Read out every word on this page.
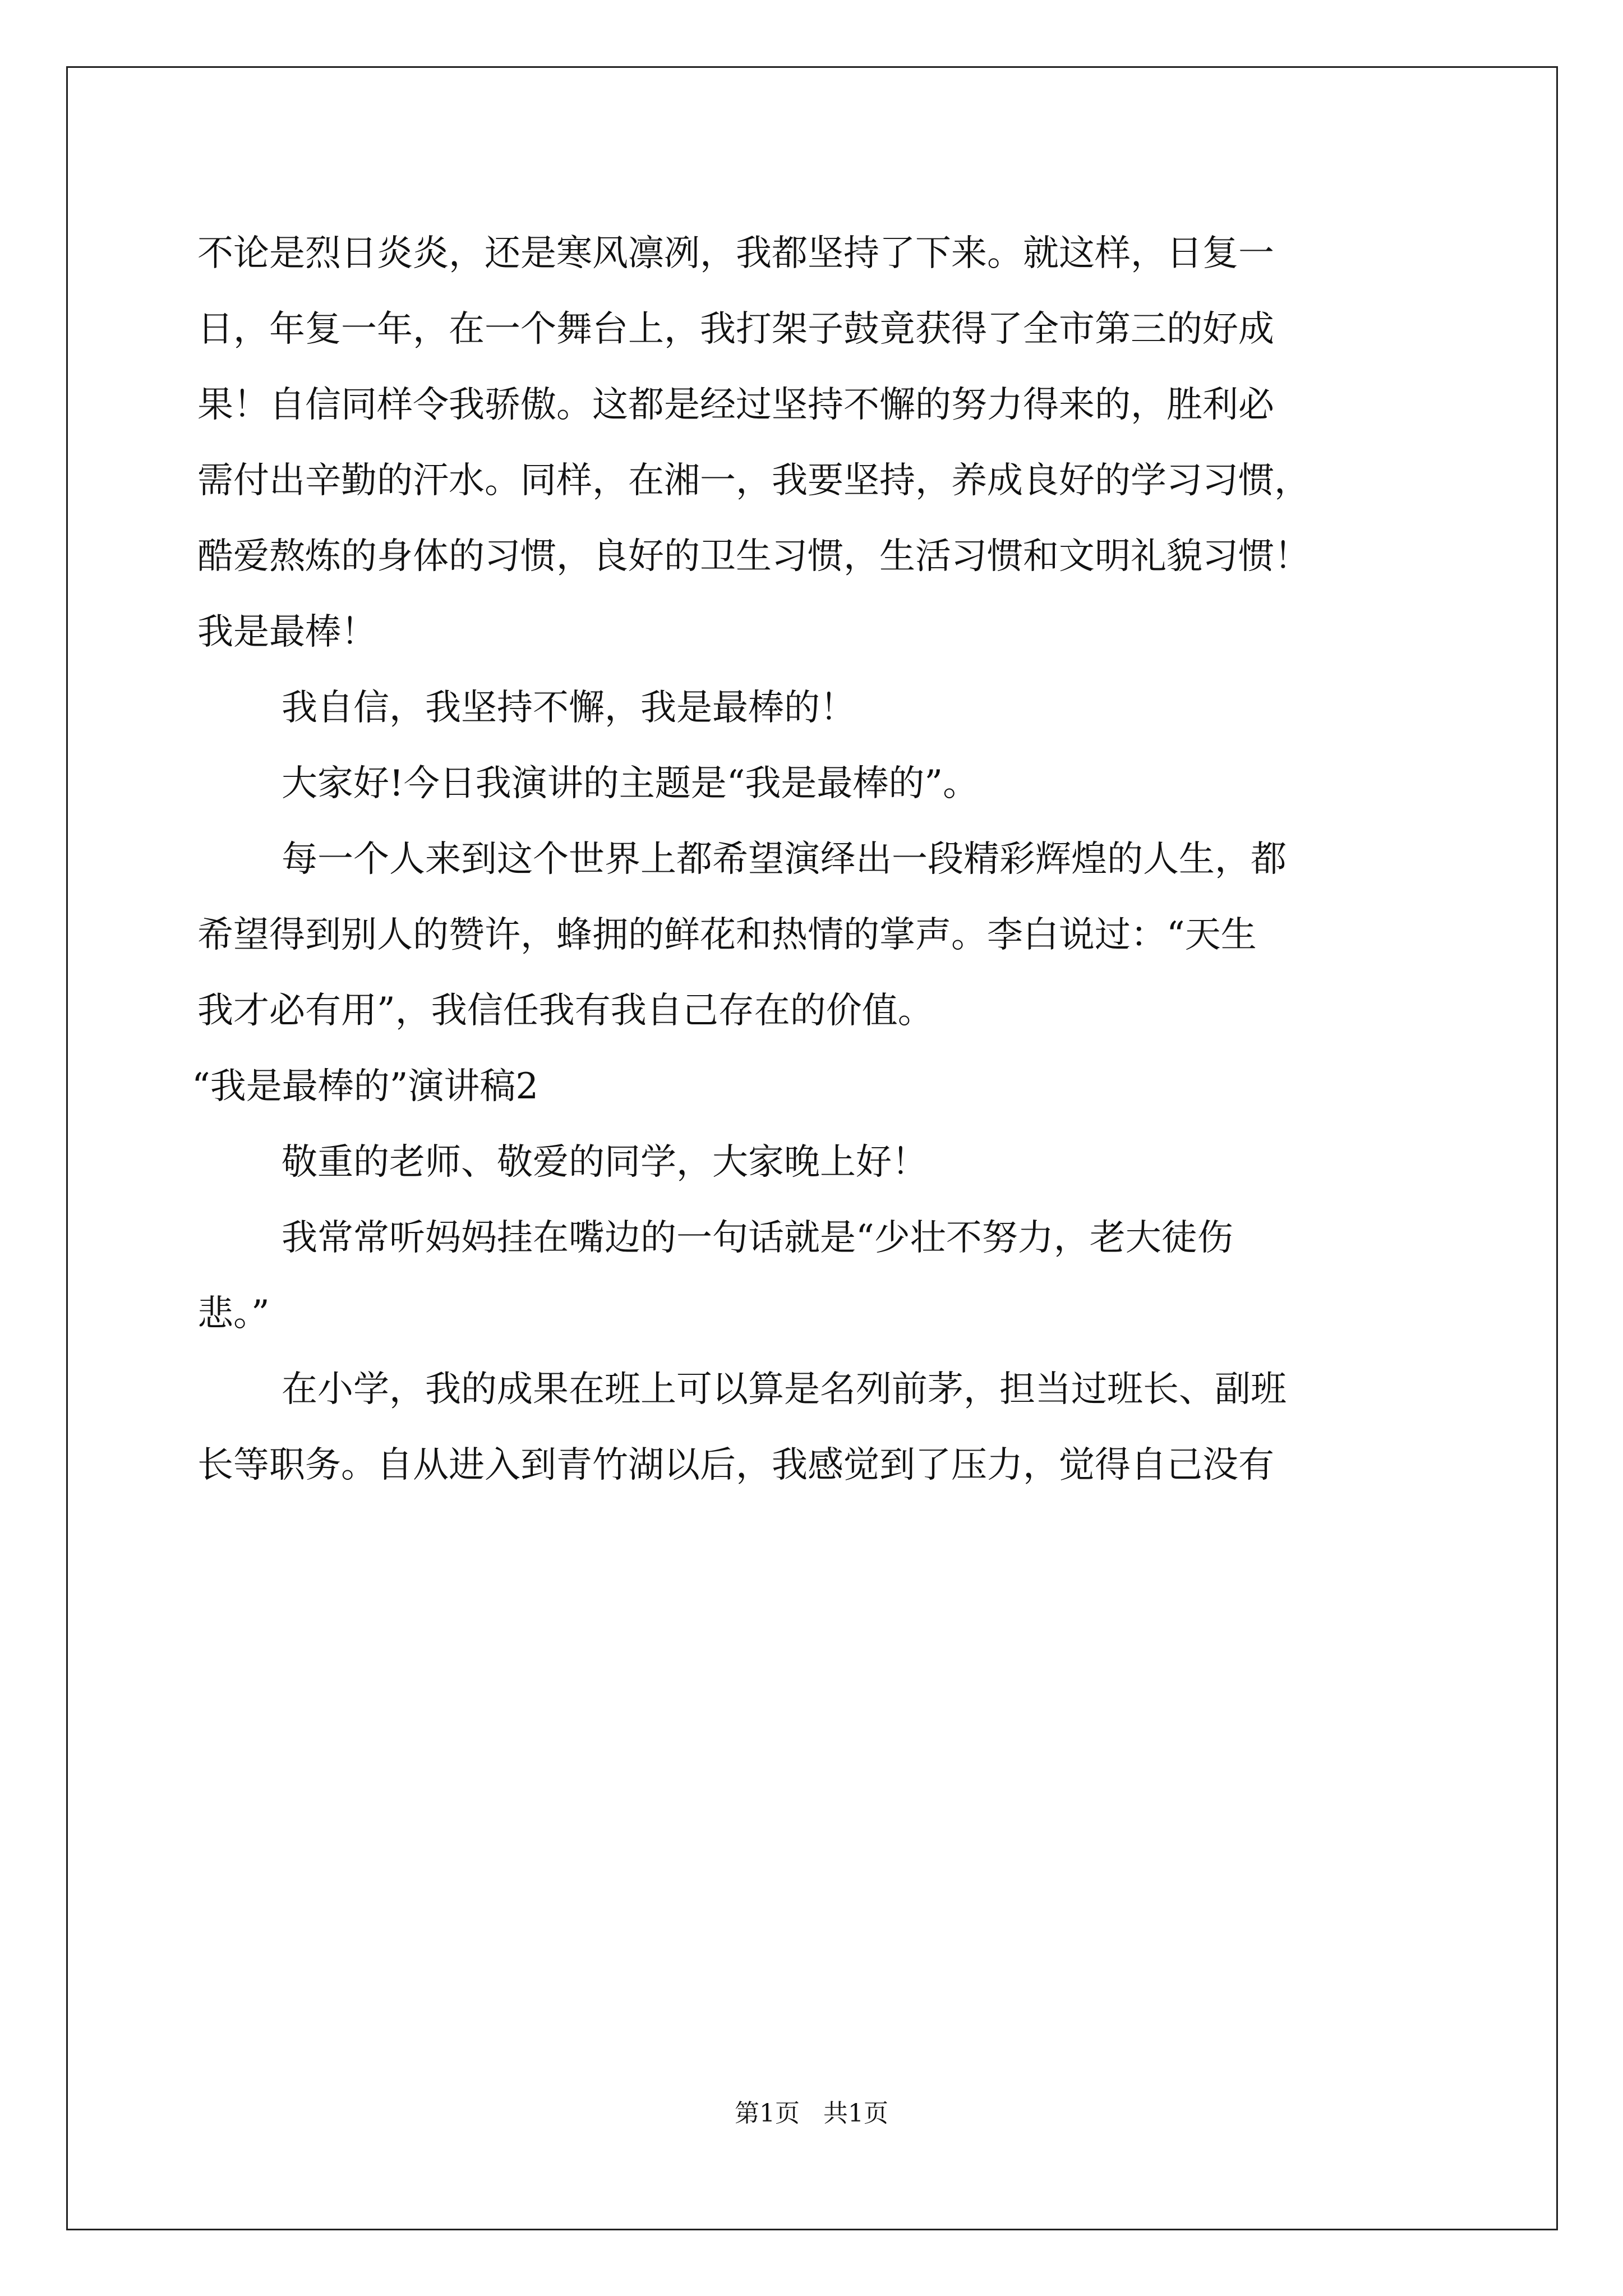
不论是烈日炎炎，还是寒风凛冽，我都坚持了下来。就这样，日复一
日，年复一年，在一个舞台上，我打架子鼓竟获得了全市第三的好成
果！自信同样令我骄傲。这都是经过坚持不懈的努力得来的，胜利必
需付出辛勤的汗水。同样，在湘一，我要坚持，养成良好的学习习惯，
酷爱熬炼的身体的习惯，良好的卫生习惯，生活习惯和文明礼貌习惯！
我是最棒！
我自信，我坚持不懈，我是最棒的！
大家好!今日我演讲的主题是“我是最棒的”。
每一个人来到这个世界上都希望演绎出一段精彩辉煌的人生，都
希望得到别人的赞许，蜂拥的鲜花和热情的掌声。李白说过：“天生
我才必有用”，我信任我有我自己存在的价值。
“我是最棒的”演讲稿2
敬重的老师、敬爱的同学，大家晚上好！
我常常听妈妈挂在嘴边的一句话就是“少壮不努力，老大徒伤
悲。”
在小学，我的成果在班上可以算是名列前茅，担当过班长、副班
长等职务。自从进入到青竹湖以后，我感觉到了压力，觉得自己没有
第1页   共1页
